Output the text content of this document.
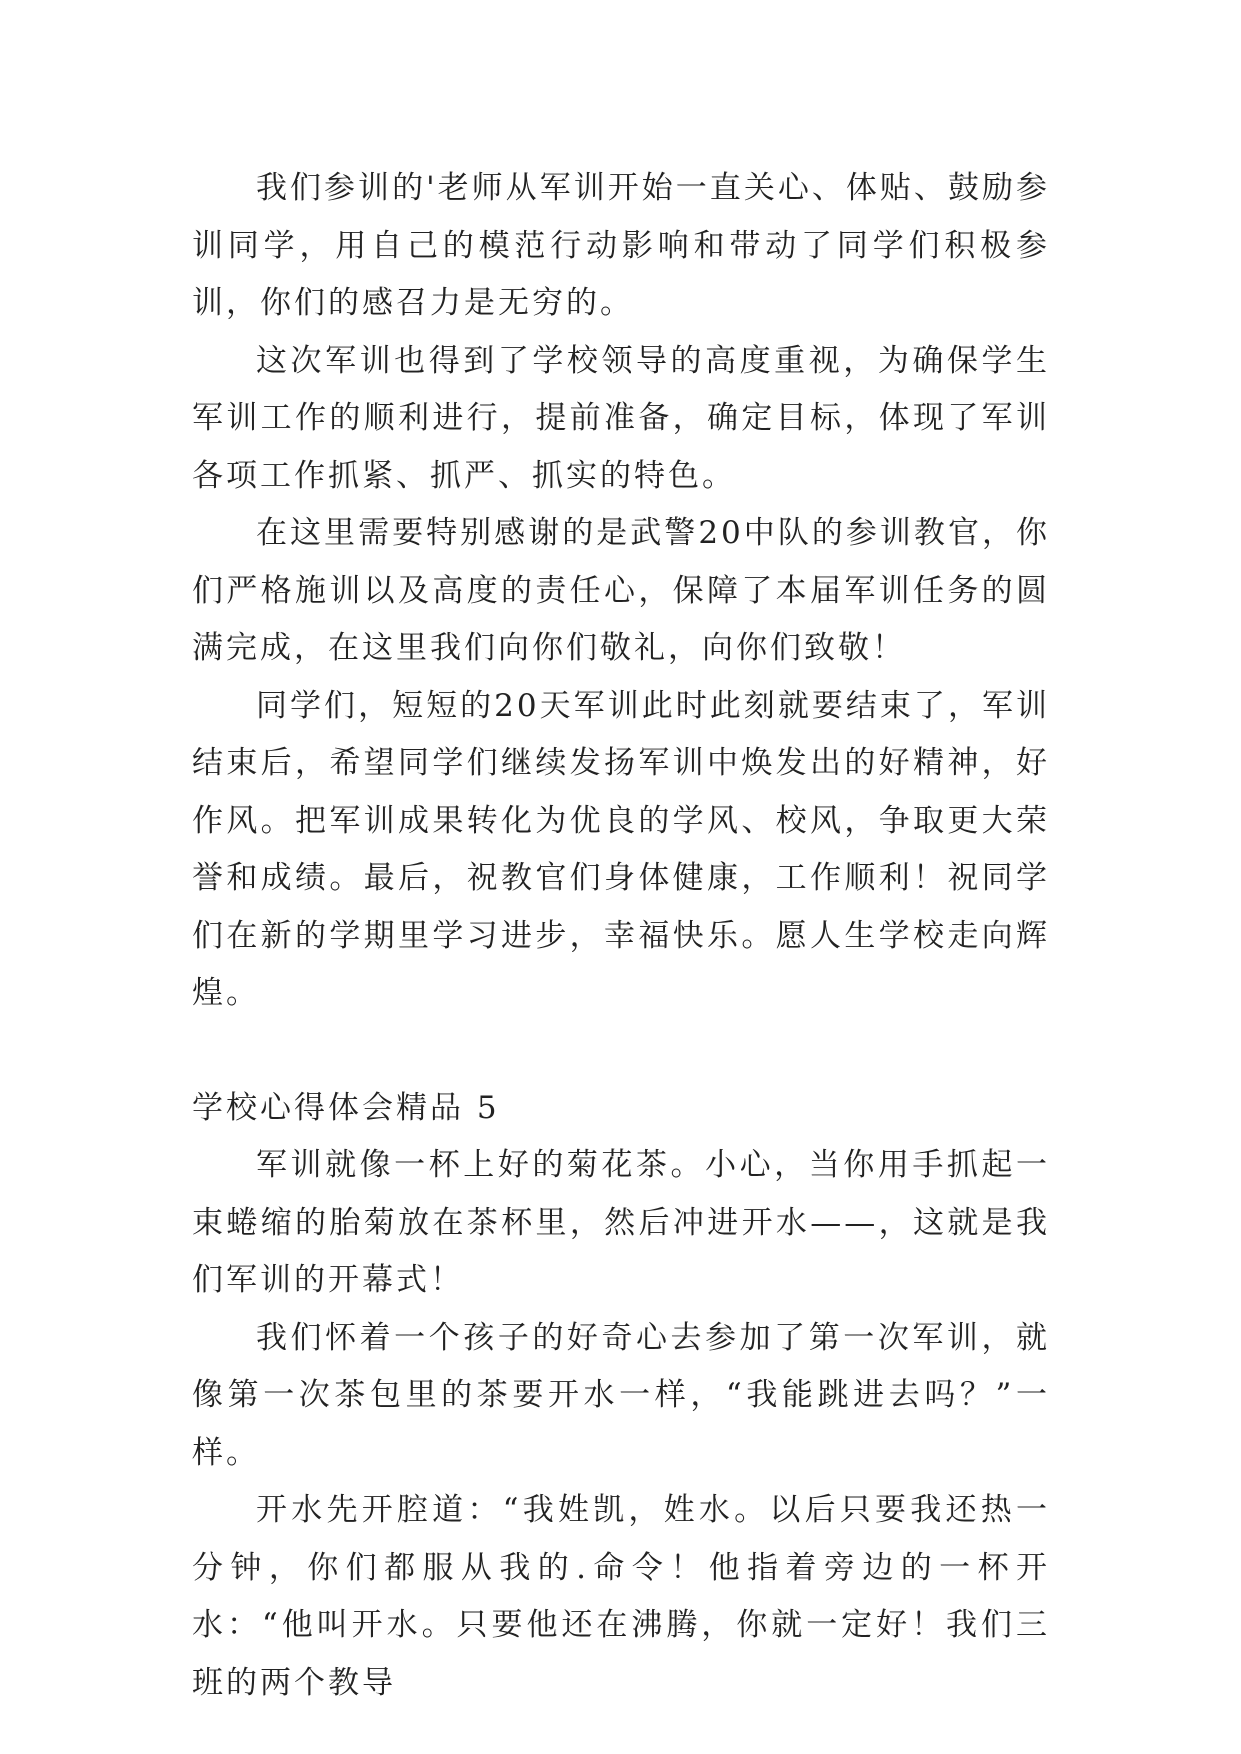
我们参训的'老师从军训开始一直关心、体贴、鼓励参训同学，用自己的模范行动影响和带动了同学们积极参训，你们的感召力是无穷的。

这次军训也得到了学校领导的高度重视，为确保学生军训工作的顺利进行，提前准备，确定目标，体现了军训各项工作抓紧、抓严、抓实的特色。

在这里需要特别感谢的是武警20中队的参训教官，你们严格施训以及高度的责任心，保障了本届军训任务的圆满完成，在这里我们向你们敬礼，向你们致敬！

同学们，短短的20天军训此时此刻就要结束了，军训结束后，希望同学们继续发扬军训中焕发出的好精神，好作风。把军训成果转化为优良的学风、校风，争取更大荣誉和成绩。最后，祝教官们身体健康，工作顺利！祝同学们在新的学期里学习进步，幸福快乐。愿人生学校走向辉煌。

学校心得体会精品 5

军训就像一杯上好的菊花茶。小心，当你用手抓起一束蜷缩的胎菊放在茶杯里，然后冲进开水——，这就是我们军训的开幕式！

我们怀着一个孩子的好奇心去参加了第一次军训，就像第一次茶包里的茶要开水一样，“我能跳进去吗？”一样。

开水先开腔道：“我姓凯，姓水。以后只要我还热一分钟，你们都服从我的.命令！他指着旁边的一杯开水：“他叫开水。只要他还在沸腾，你就一定好！我们三班的两个教导
